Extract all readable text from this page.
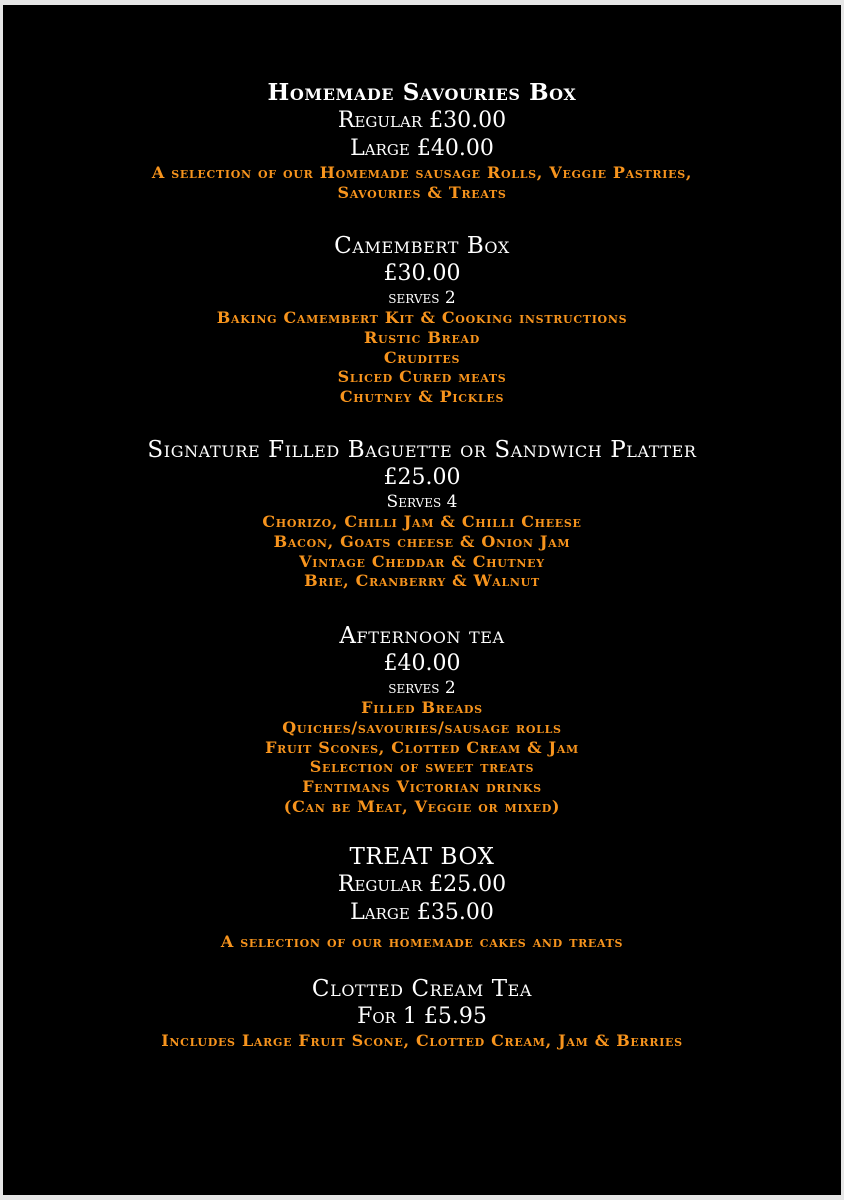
Homemade Savouries Box
Regular £30.00
Large £40.00
A selection of our Homemade sausage Rolls, Veggie Pastries,
Savouries & Treats
Camembert Box
£30.00
serves 2
Baking Camembert Kit & Cooking instructions
Rustic Bread
Crudites
Sliced Cured meats
Chutney & Pickles
Signature Filled Baguette or Sandwich Platter
£25.00
Serves 4
Chorizo, Chilli Jam & Chilli Cheese
Bacon, Goats cheese & Onion Jam
Vintage Cheddar & Chutney
Brie, Cranberry & Walnut
Afternoon tea
£40.00
serves 2
Filled Breads
Quiches/savouries/sausage rolls
Fruit Scones, Clotted Cream & Jam
Selection of sweet treats
Fentimans Victorian drinks
(Can be Meat, Veggie or mixed)
TREAT BOX
Regular £25.00
Large £35.00
A selection of our homemade cakes and treats
Clotted Cream Tea
For 1 £5.95
Includes Large Fruit Scone, Clotted Cream, Jam & Berries
